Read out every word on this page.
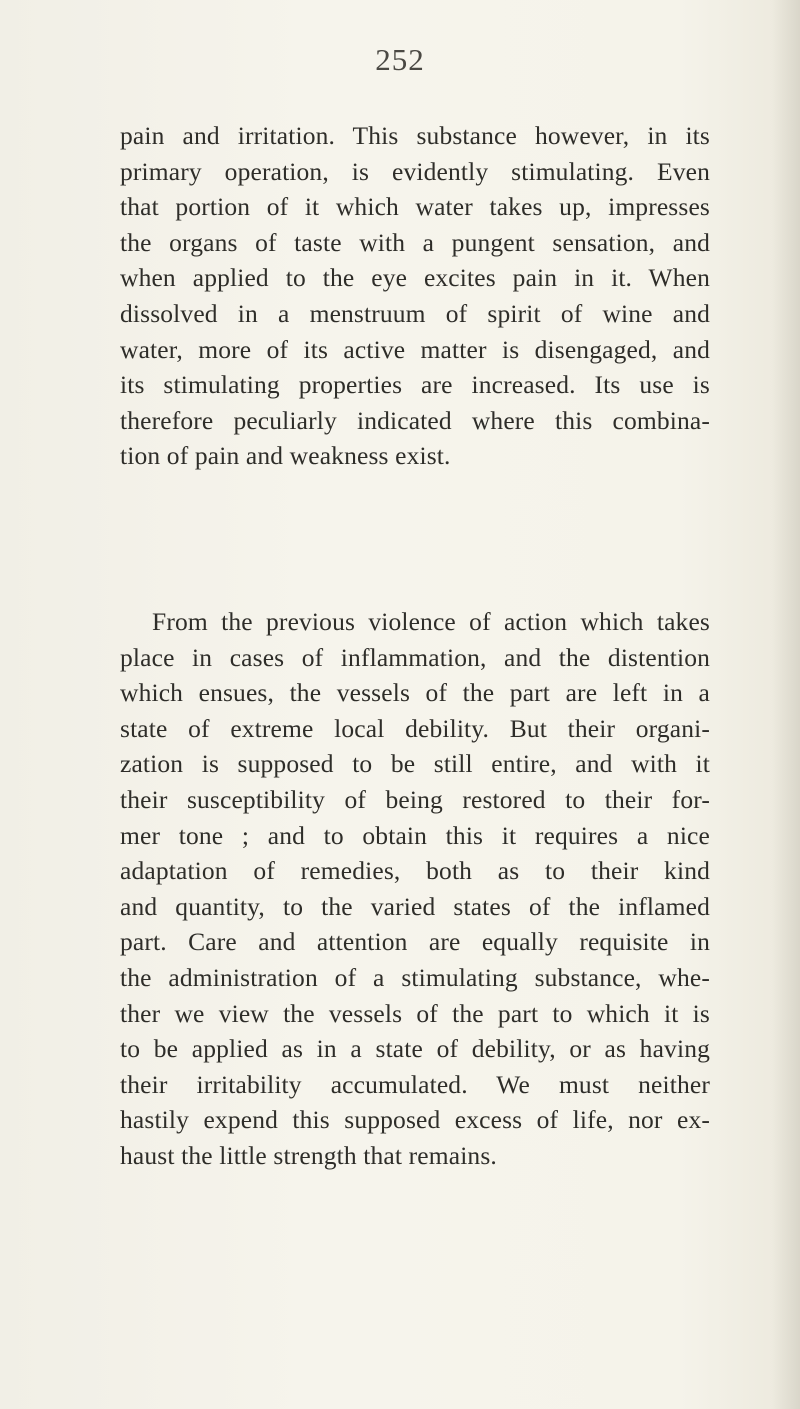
252

pain and irritation. This substance however, in its
primary operation, is evidently stimulating. Even
that portion of it which water takes up, impresses
the organs of taste with a pungent sensation, and
when applied to the eye excites pain in it. When
dissolved in a menstruum of spirit of wine and
water, more of its active matter is disengaged, and
its stimulating properties are increased. Its use is
therefore peculiarly indicated where this combina-
tion of pain and weakness exist.

From the previous violence of action which takes
place in cases of inflammation, and the distention
which ensues, the vessels of the part are left in a
state of extreme local debility. But their organi-
zation is supposed to be still entire, and with it
their susceptibility of being restored to their for-
mer tone ; and to obtain this it requires a nice
adaptation of remedies, both as to their kind
and quantity, to the varied states of the inflamed
part. Care and attention are equally requisite in
the administration of a stimulating substance, whe-
ther we view the vessels of the part to which it is
to be applied as in a state of debility, or as having
their irritability accumulated. We must neither
hastily expend this supposed excess of life, nor ex-
haust the little strength that remains.
